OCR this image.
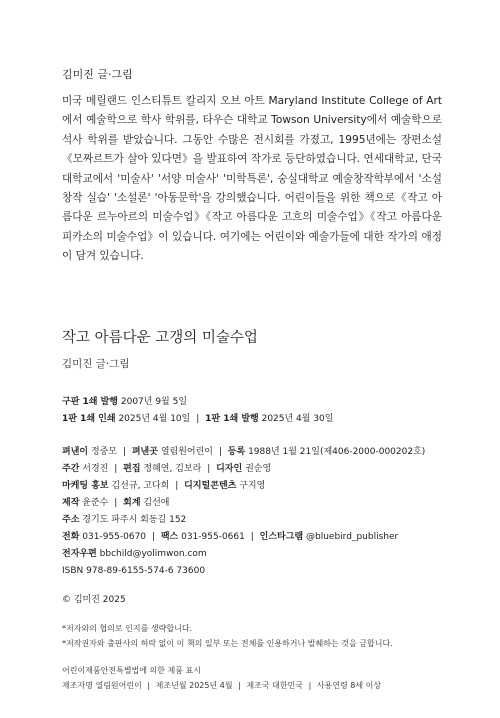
김미진 글·그림

미국 메릴랜드 인스티튜트 칼리지 오브 아트 Maryland Institute College of Art에서 예술학으로 학사 학위를, 타우슨 대학교 Towson University에서 예술학으로 석사 학위를 받았습니다. 그동안 수많은 전시회를 가졌고, 1995년에는 장편소설《모짜르트가 살아 있다면》을 발표하여 작가로 등단하였습니다. 연세대학교, 단국대학교에서 '미술사' '서양 미술사' '미학특론', 숭실대학교 예술창작학부에서 '소설창작 실습' '소설론' '아동문학'을 강의했습니다. 어린이들을 위한 책으로《작고 아름다운 르누아르의 미술수업》《작고 아름다운 고흐의 미술수업》《작고 아름다운 피카소의 미술수업》이 있습니다. 여기에는 어린이와 예술가들에 대한 작가의 애정이 담겨 있습니다.

작고 아름다운 고갱의 미술수업

김미진 글·그림

구판 1쇄 발행 2007년 9월 5일
1판 1쇄 인쇄 2025년 4월 10일 | 1판 1쇄 발행 2025년 4월 30일
펴낸이 정중모 | 펴낸곳 열림원어린이 | 등록 1988년 1월 21일(제406-2000-000202호)
주간 서경진 | 편집 정혜연, 김보라 | 디자인 권순영
마케팅 홍보 김선규, 고다희 | 디지털콘텐츠 구지영
제작 윤준수 | 회계 김선애
주소 경기도 파주시 회동길 152
전화 031-955-0670 | 팩스 031-955-0661 | 인스타그램 @bluebird_publisher
전자우편 bbchild@yolimwon.com
ISBN 978-89-6155-574-6 73600
© 김미진 2025
*저자와의 협의로 인지를 생략합니다.
*저작권자와 출판사의 허락 없이 이 책의 일부 또는 전체를 인용하거나 발췌하는 것을 금합니다.
어린이제품안전특별법에 의한 제품 표시
제조자명 열림원어린이 | 제조년월 2025년 4월 | 제조국 대한민국 | 사용연령 8세 이상
